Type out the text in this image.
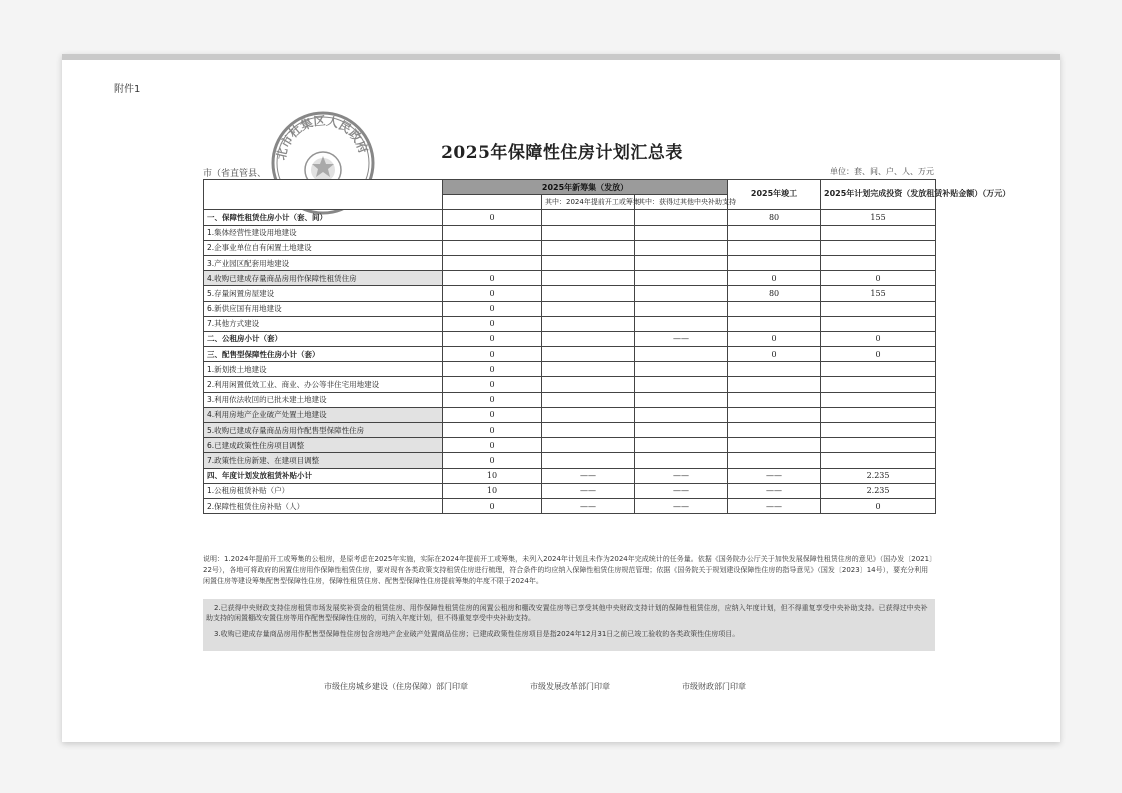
附件1
2025年保障性住房计划汇总表
市（省直管县、	单位：套、间、户、人、万元
北市杜集区人民政府
	2025年新筹集（发放）			2025年竣工	2025年计划完成投资（发放租赁补贴金额）（万元）
		其中：2024年提前开工或筹集	其中：获得过其他中央补助支持		
一、保障性租赁住房小计（套、间）	0			80	155
1.集体经营性建设用地建设					
2.企事业单位自有闲置土地建设					
3.产业园区配套用地建设					
4.收购已建成存量商品房用作保障性租赁住房	0			0	0
5.存量闲置房屋建设	0			80	155
6.新供应国有用地建设	0				
7.其他方式建设	0				
二、公租房小计（套）	0		——	0	0
三、配售型保障性住房小计（套）	0			0	0
1.新划拨土地建设	0				
2.利用闲置低效工业、商业、办公等非住宅用地建设	0				
3.利用依法收回的已批未建土地建设	0				
4.利用房地产企业破产处置土地建设	0				
5.收购已建成存量商品房用作配售型保障性住房	0				
6.已建成政策性住房项目调整	0				
7.政策性住房新建、在建项目调整	0				
四、年度计划发放租赁补贴小计	10	——	——	——	2.235
1.公租房租赁补贴（户）	10	——	——	——	2.235
2.保障性租赁住房补贴（人）	0	——	——	——	0

说明：1.2024年提前开工或筹集的公租房，是原考虑在2025年实施，实际在2024年提前开工或筹集，未列入2024年计划且未作为2024年完成统计的任务量。依据《国务院办公厅关于加快发展保障性租赁住房的意见》（国办发〔2021〕22号），各地可将政府的闲置住房用作保障性租赁住房，要对现有各类政策支持租赁住房进行梳理，符合条件的均应纳入保障性租赁住房规范管理；依据《国务院关于规划建设保障性住房的指导意见》（国发〔2023〕14号），要充分利用闲置住房等建设筹集配售型保障性住房，保障性租赁住房、配售型保障性住房提前筹集的年度不限于2024年。

2.已获得中央财政支持住房租赁市场发展奖补资金的租赁住房、用作保障性租赁住房的闲置公租房和棚改安置住房等已享受其他中央财政支持计划的保障性租赁住房，应纳入年度计划，但不得重复享受中央补助支持。已获得过中央补助支持的闲置棚改安置住房等用作配售型保障性住房的，可纳入年度计划，但不得重复享受中央补助支持。

3.收购已建成存量商品房用作配售型保障性住房包含房地产企业破产处置商品住房；已建成政策性住房项目是指2024年12月31日之前已竣工验收的各类政策性住房项目。

市级住房城乡建设（住房保障）部门印章	市级发展改革部门印章	市级财政部门印章
